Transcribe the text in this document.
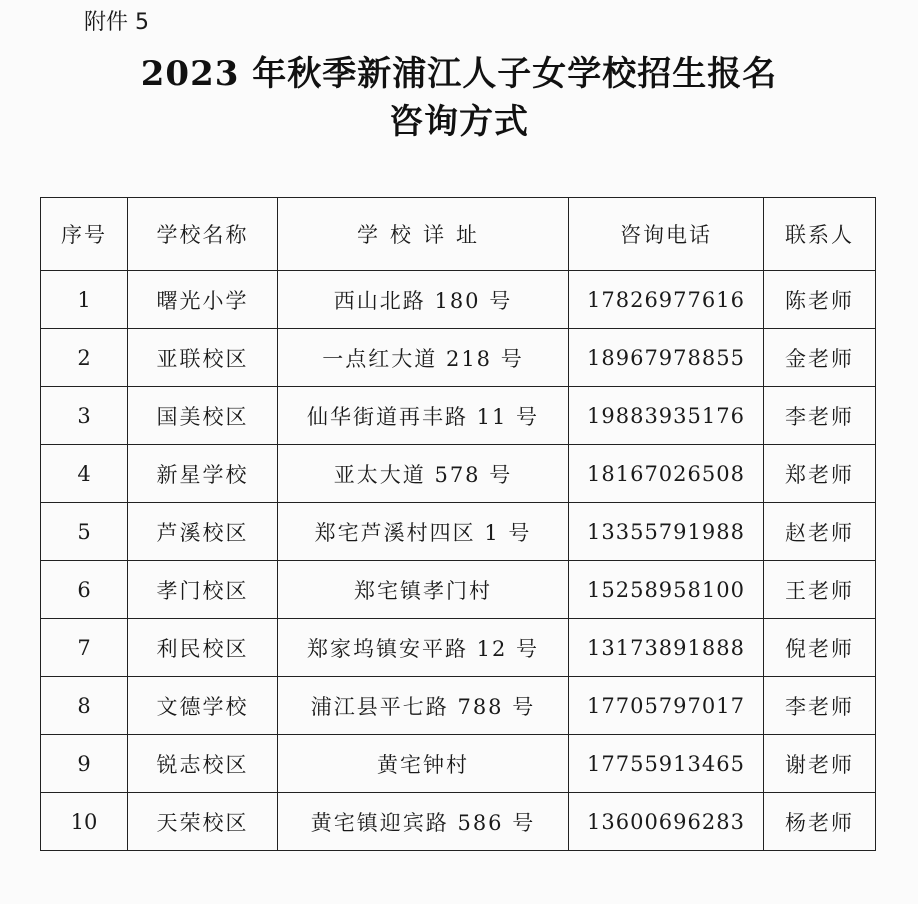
附件 5
2023 年秋季新浦江人子女学校招生报名
咨询方式
序号	学校名称	学校详址	咨询电话	联系人
1	曙光小学	西山北路 180 号	17826977616	陈老师
2	亚联校区	一点红大道 218 号	18967978855	金老师
3	国美校区	仙华街道再丰路 11 号	19883935176	李老师
4	新星学校	亚太大道 578 号	18167026508	郑老师
5	芦溪校区	郑宅芦溪村四区 1 号	13355791988	赵老师
6	孝门校区	郑宅镇孝门村	15258958100	王老师
7	利民校区	郑家坞镇安平路 12 号	13173891888	倪老师
8	文德学校	浦江县平七路 788 号	17705797017	李老师
9	锐志校区	黄宅钟村	17755913465	谢老师
10	天荣校区	黄宅镇迎宾路 586 号	13600696283	杨老师
